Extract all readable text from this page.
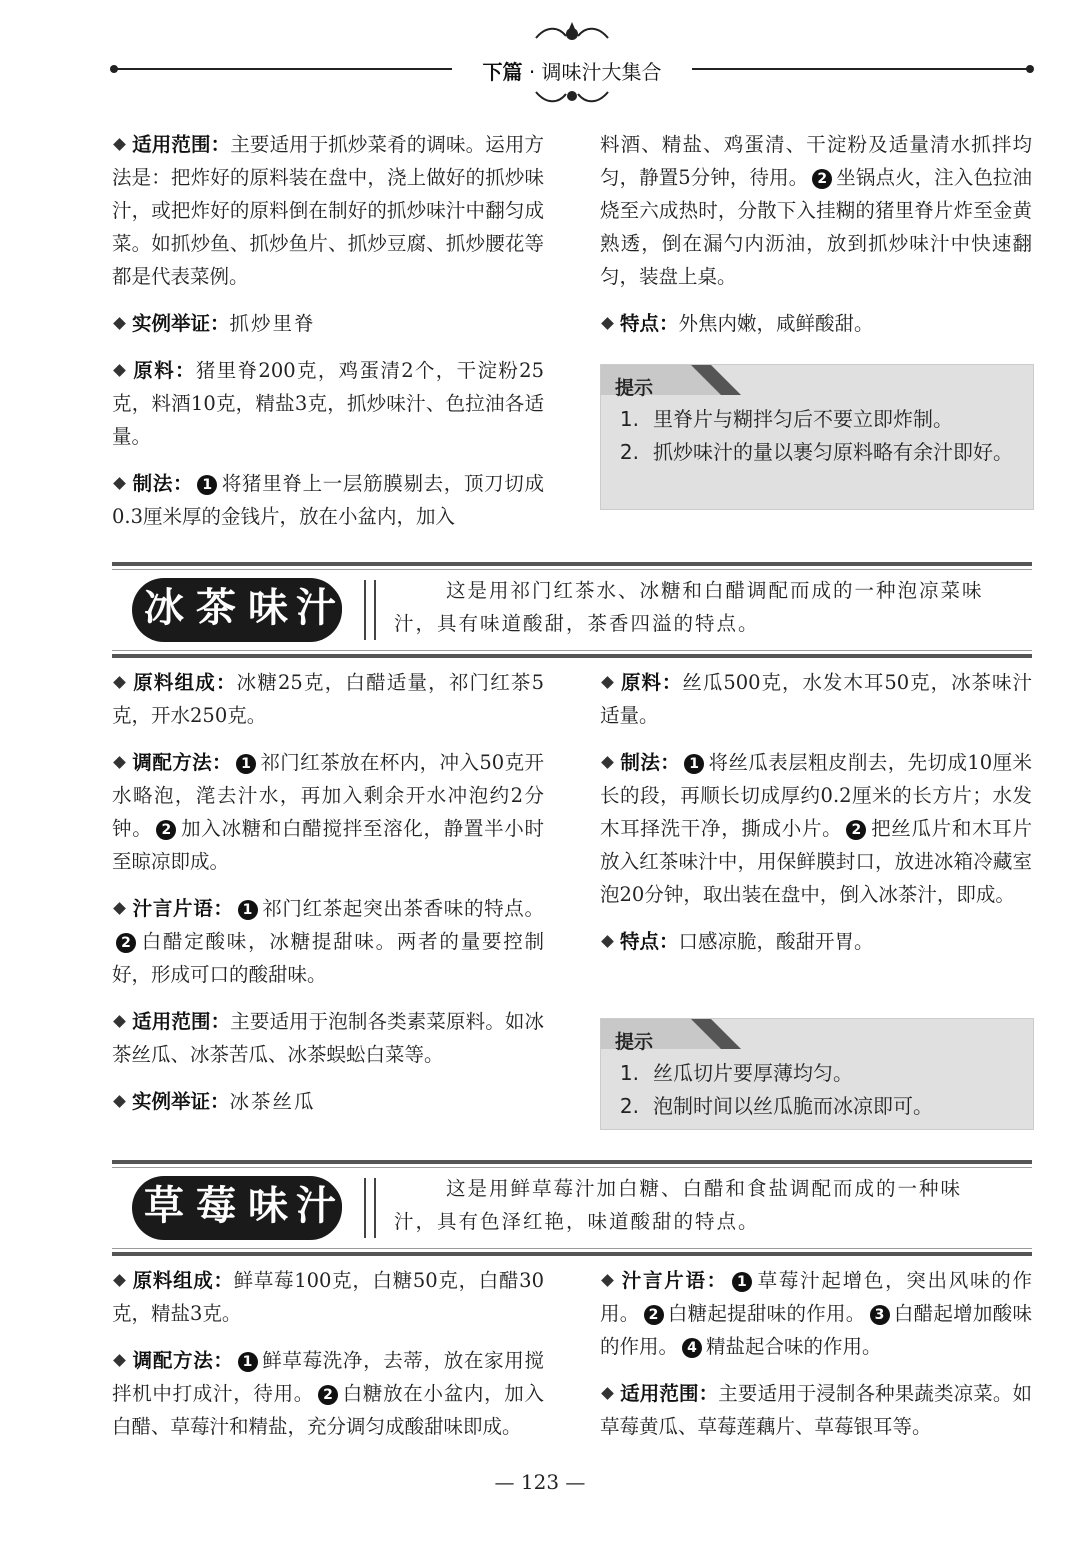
下篇 · 调味汁大集合

适用范围：主要适用于抓炒菜肴的调味。运用方法是：把炸好的原料装在盘中，浇上做好的抓炒味汁，或把炸好的原料倒在制好的抓炒味汁中翻匀成菜。如抓炒鱼、抓炒鱼片、抓炒豆腐、抓炒腰花等都是代表菜例。

实例举证：抓炒里脊

原料：猪里脊200克，鸡蛋清2个，干淀粉25克，料酒10克，精盐3克，抓炒味汁、色拉油各适量。

制法： 1 将猪里脊上一层筋膜剔去，顶刀切成0.3厘米厚的金钱片，放在小盆内，加入

料酒、精盐、鸡蛋清、干淀粉及适量清水抓拌均匀，静置5分钟，待用。 2 坐锅点火，注入色拉油烧至六成热时，分散下入挂糊的猪里脊片炸至金黄熟透，倒在漏勺内沥油，放到抓炒味汁中快速翻匀，装盘上桌。

特点：外焦内嫩，咸鲜酸甜。

提示
1. 里脊片与糊拌匀后不要立即炸制。
2. 抓炒味汁的量以裹匀原料略有余汁即好。
冰 茶 味 汁	这是用祁门红茶水、冰糖和白醋调配而成的一种泡凉菜味
汁，具有味道酸甜，茶香四溢的特点。

原料组成：冰糖25克，白醋适量，祁门红茶5克，开水250克。

调配方法： 1 祁门红茶放在杯内，冲入50克开水略泡，滗去汁水，再加入剩余开水冲泡约2分钟。 2 加入冰糖和白醋搅拌至溶化，静置半小时至晾凉即成。

汁言片语： 1 祁门红茶起突出茶香味的特点。2 白醋定酸味，冰糖提甜味。两者的量要控制好，形成可口的酸甜味。

适用范围：主要适用于泡制各类素菜原料。如冰茶丝瓜、冰茶苦瓜、冰茶蜈蚣白菜等。

实例举证：冰茶丝瓜

原料：丝瓜500克，水发木耳50克，冰茶味汁适量。

制法： 1 将丝瓜表层粗皮削去，先切成10厘米长的段，再顺长切成厚约0.2厘米的长方片；水发木耳择洗干净，撕成小片。 2 把丝瓜片和木耳片放入红茶味汁中，用保鲜膜封口，放进冰箱冷藏室泡20分钟，取出装在盘中，倒入冰茶汁，即成。

特点：口感凉脆，酸甜开胃。

提示
1. 丝瓜切片要厚薄均匀。
2. 泡制时间以丝瓜脆而冰凉即可。
草 莓 味 汁	这是用鲜草莓汁加白糖、白醋和食盐调配而成的一种味
汁，具有色泽红艳，味道酸甜的特点。

原料组成：鲜草莓100克，白糖50克，白醋30克，精盐3克。

调配方法： 1 鲜草莓洗净，去蒂，放在家用搅拌机中打成汁，待用。 2 白糖放在小盆内，加入白醋、草莓汁和精盐，充分调匀成酸甜味即成。

汁言片语： 1 草莓汁起增色，突出风味的作用。 2 白糖起提甜味的作用。 3 白醋起增加酸味的作用。 4 精盐起合味的作用。

适用范围：主要适用于浸制各种果蔬类凉菜。如草莓黄瓜、草莓莲藕片、草莓银耳等。

— 123 —
